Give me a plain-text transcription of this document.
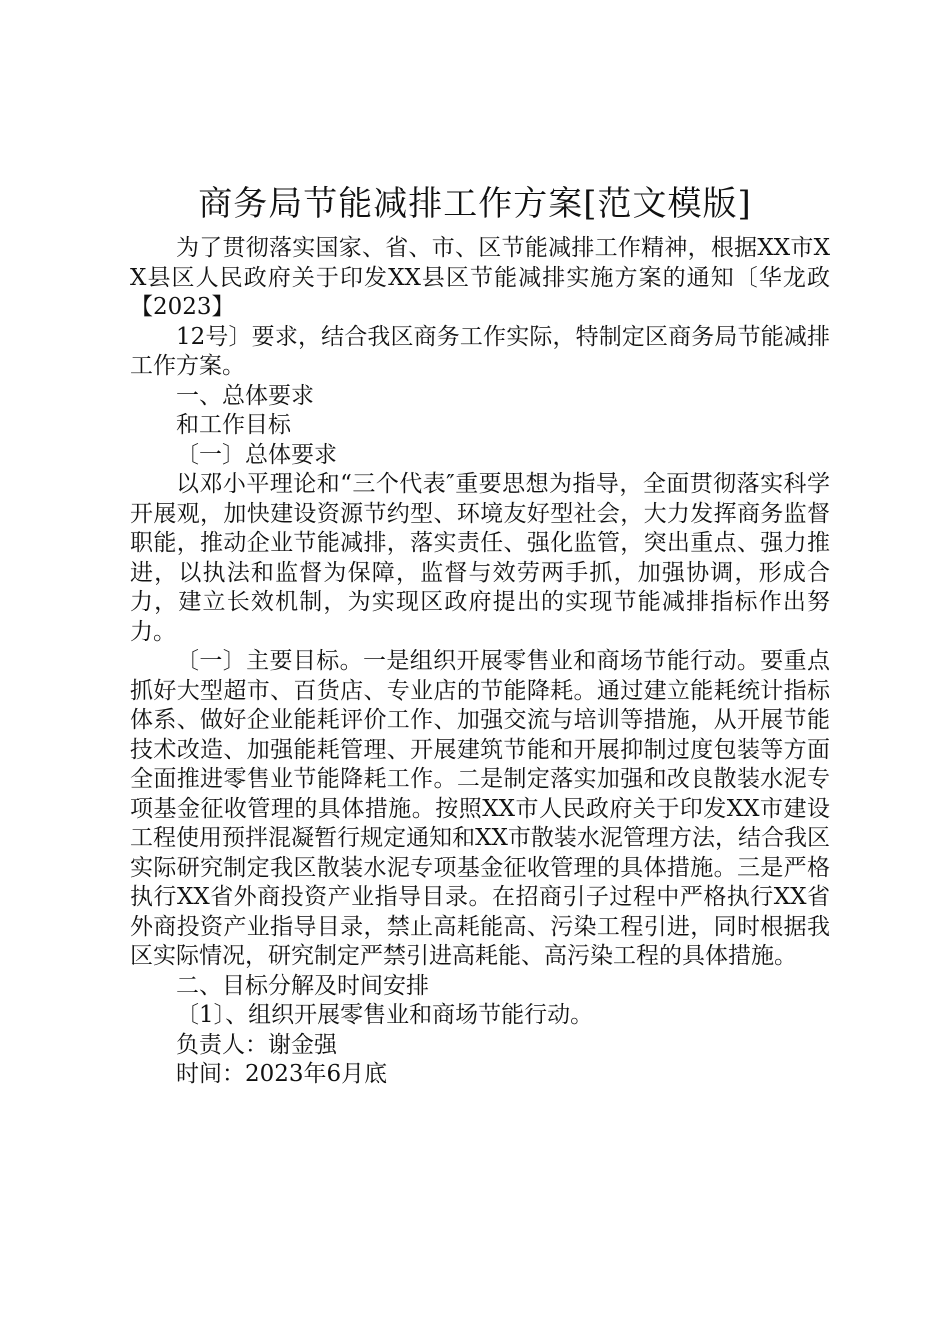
商务局节能减排工作方案[范文模版]

为了贯彻落实国家、省、市、区节能减排工作精神，根据XX市XX县区人民政府关于印发XX县区节能减排实施方案的通知〔华龙政【2023】

12号〕要求，结合我区商务工作实际，特制定区商务局节能减排工作方案。

一、总体要求

和工作目标

〔一〕总体要求

以邓小平理论和“三个代表″重要思想为指导，全面贯彻落实科学开展观，加快建设资源节约型、环境友好型社会，大力发挥商务监督职能，推动企业节能减排，落实责任、强化监管，突出重点、强力推进，以执法和监督为保障，监督与效劳两手抓，加强协调，形成合力，建立长效机制，为实现区政府提出的实现节能减排指标作出努力。

〔一〕主要目标。一是组织开展零售业和商场节能行动。要重点抓好大型超市、百货店、专业店的节能降耗。通过建立能耗统计指标体系、做好企业能耗评价工作、加强交流与培训等措施，从开展节能技术改造、加强能耗管理、开展建筑节能和开展抑制过度包装等方面全面推进零售业节能降耗工作。二是制定落实加强和改良散装水泥专项基金征收管理的具体措施。按照XX市人民政府关于印发XX市建设工程使用预拌混凝暂行规定通知和XX市散装水泥管理方法，结合我区实际研究制定我区散装水泥专项基金征收管理的具体措施。三是严格执行XX省外商投资产业指导目录。在招商引子过程中严格执行XX省外商投资产业指导目录，禁止高耗能高、污染工程引进，同时根据我区实际情况，研究制定严禁引进高耗能、高污染工程的具体措施。

二、目标分解及时间安排

〔1〕、组织开展零售业和商场节能行动。

负责人：谢金强

时间：2023年6月底
